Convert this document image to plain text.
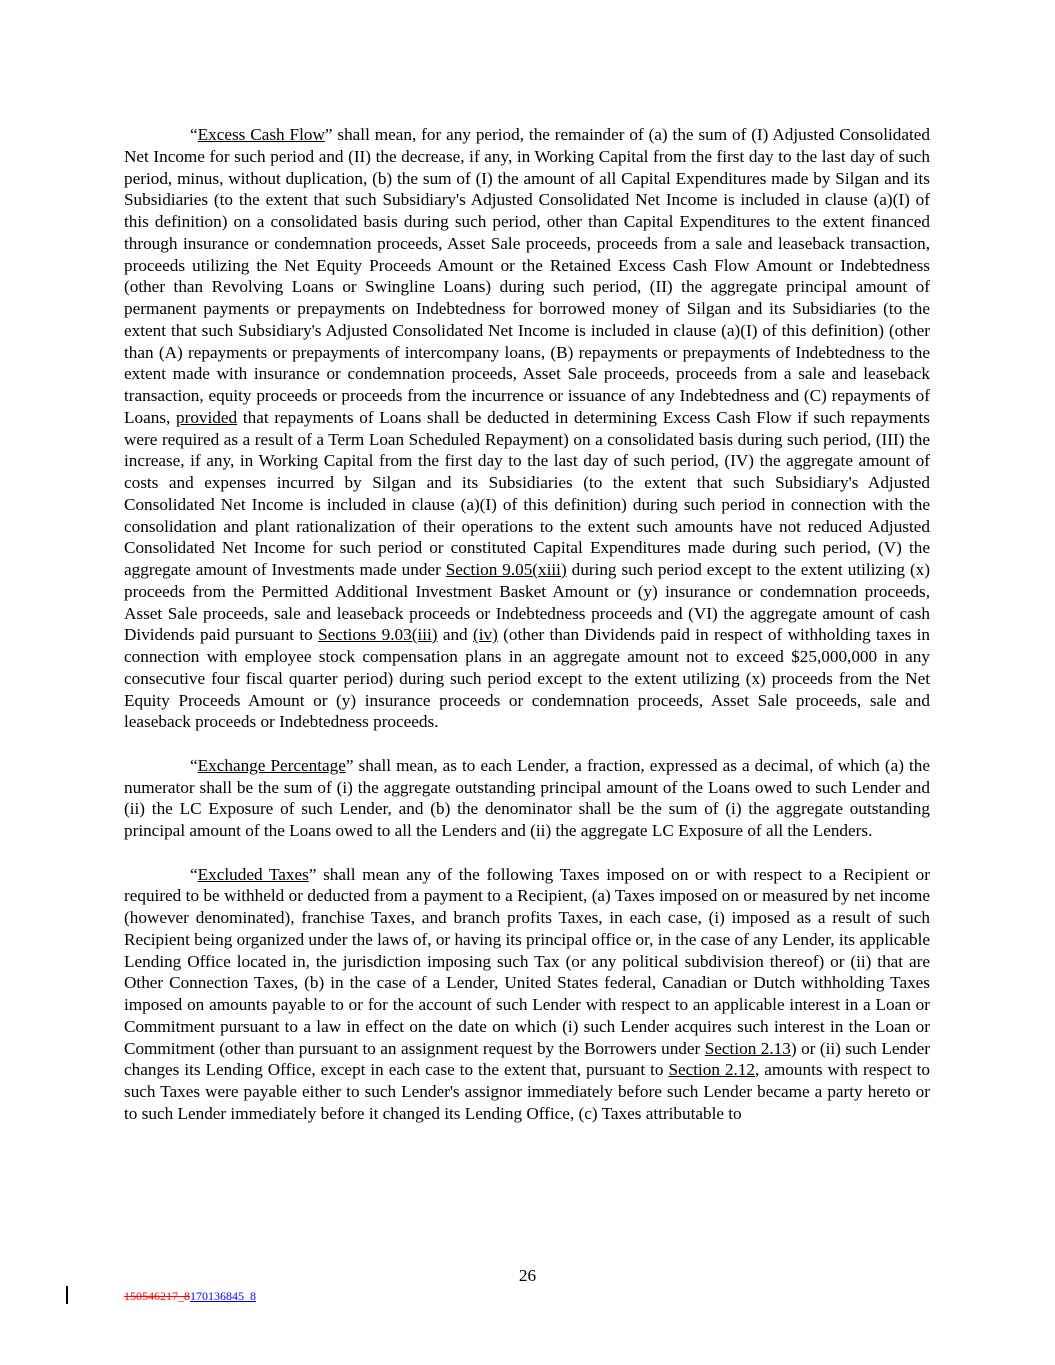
“Excess Cash Flow” shall mean, for any period, the remainder of (a) the sum of (I) Adjusted Consolidated Net Income for such period and (II) the decrease, if any, in Working Capital from the first day to the last day of such period, minus, without duplication, (b) the sum of (I) the amount of all Capital Expenditures made by Silgan and its Subsidiaries (to the extent that such Subsidiary's Adjusted Consolidated Net Income is included in clause (a)(I) of this definition) on a consolidated basis during such period, other than Capital Expenditures to the extent financed through insurance or condemnation proceeds, Asset Sale proceeds, proceeds from a sale and leaseback transaction, proceeds utilizing the Net Equity Proceeds Amount or the Retained Excess Cash Flow Amount or Indebtedness (other than Revolving Loans or Swingline Loans) during such period, (II) the aggregate principal amount of permanent payments or prepayments on Indebtedness for borrowed money of Silgan and its Subsidiaries (to the extent that such Subsidiary's Adjusted Consolidated Net Income is included in clause (a)(I) of this definition) (other than (A) repayments or prepayments of intercompany loans, (B) repayments or prepayments of Indebtedness to the extent made with insurance or condemnation proceeds, Asset Sale proceeds, proceeds from a sale and leaseback transaction, equity proceeds or proceeds from the incurrence or issuance of any Indebtedness and (C) repayments of Loans, provided that repayments of Loans shall be deducted in determining Excess Cash Flow if such repayments were required as a result of a Term Loan Scheduled Repayment) on a consolidated basis during such period, (III) the increase, if any, in Working Capital from the first day to the last day of such period, (IV) the aggregate amount of costs and expenses incurred by Silgan and its Subsidiaries (to the extent that such Subsidiary's Adjusted Consolidated Net Income is included in clause (a)(I) of this definition) during such period in connection with the consolidation and plant rationalization of their operations to the extent such amounts have not reduced Adjusted Consolidated Net Income for such period or constituted Capital Expenditures made during such period, (V) the aggregate amount of Investments made under Section 9.05(xiii) during such period except to the extent utilizing (x) proceeds from the Permitted Additional Investment Basket Amount or (y) insurance or condemnation proceeds, Asset Sale proceeds, sale and leaseback proceeds or Indebtedness proceeds and (VI) the aggregate amount of cash Dividends paid pursuant to Sections 9.03(iii) and (iv) (other than Dividends paid in respect of withholding taxes in connection with employee stock compensation plans in an aggregate amount not to exceed $25,000,000 in any consecutive four fiscal quarter period) during such period except to the extent utilizing (x) proceeds from the Net Equity Proceeds Amount or (y) insurance proceeds or condemnation proceeds, Asset Sale proceeds, sale and leaseback proceeds or Indebtedness proceeds.

“Exchange Percentage” shall mean, as to each Lender, a fraction, expressed as a decimal, of which (a) the numerator shall be the sum of (i) the aggregate outstanding principal amount of the Loans owed to such Lender and (ii) the LC Exposure of such Lender, and (b) the denominator shall be the sum of (i) the aggregate outstanding principal amount of the Loans owed to all the Lenders and (ii) the aggregate LC Exposure of all the Lenders.

“Excluded Taxes” shall mean any of the following Taxes imposed on or with respect to a Recipient or required to be withheld or deducted from a payment to a Recipient, (a) Taxes imposed on or measured by net income (however denominated), franchise Taxes, and branch profits Taxes, in each case, (i) imposed as a result of such Recipient being organized under the laws of, or having its principal office or, in the case of any Lender, its applicable Lending Office located in, the jurisdiction imposing such Tax (or any political subdivision thereof) or (ii) that are Other Connection Taxes, (b) in the case of a Lender, United States federal, Canadian or Dutch withholding Taxes imposed on amounts payable to or for the account of such Lender with respect to an applicable interest in a Loan or Commitment pursuant to a law in effect on the date on which (i) such Lender acquires such interest in the Loan or Commitment (other than pursuant to an assignment request by the Borrowers under Section 2.13) or (ii) such Lender changes its Lending Office, except in each case to the extent that, pursuant to Section 2.12, amounts with respect to such Taxes were payable either to such Lender's assignor immediately before such Lender became a party hereto or to such Lender immediately before it changed its Lending Office, (c) Taxes attributable to

26
150546217_8170136845_8
